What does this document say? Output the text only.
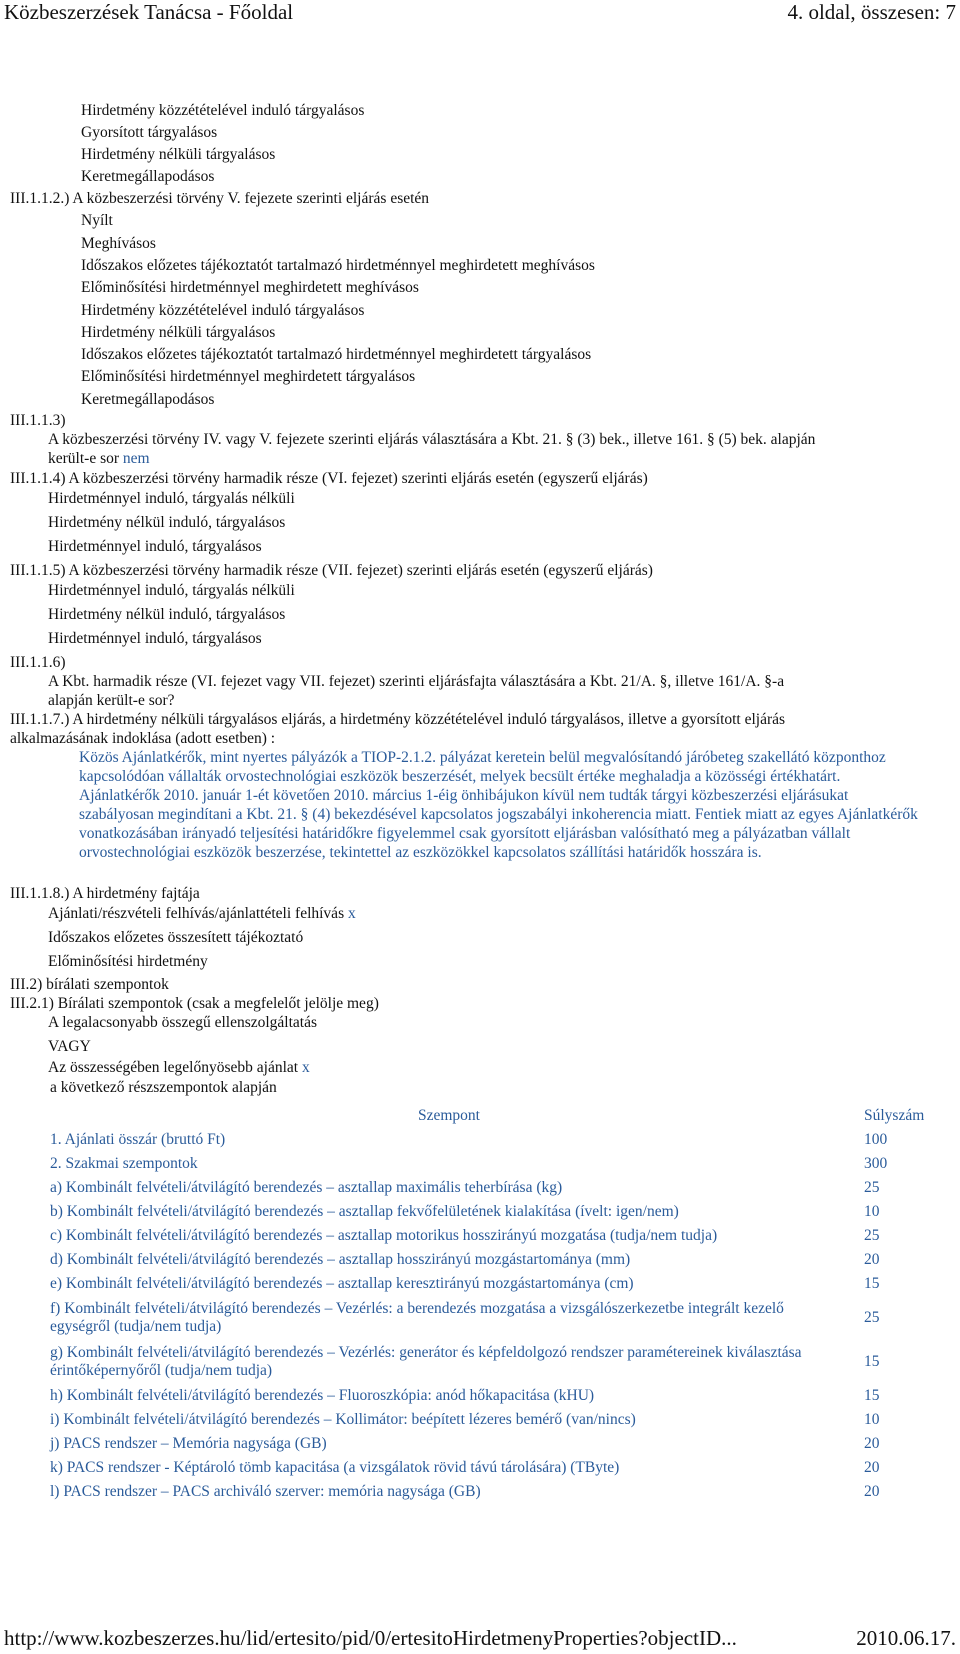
Közbeszerzések Tanácsa - Főoldal	4. oldal, összesen: 7
Hirdetmény közzétételével induló tárgyalásos
Gyorsított tárgyalásos
Hirdetmény nélküli tárgyalásos
Keretmegállapodásos
III.1.1.2.) A közbeszerzési törvény V. fejezete szerinti eljárás esetén
Nyílt
Meghívásos
Időszakos előzetes tájékoztatót tartalmazó hirdetménnyel meghirdetett meghívásos
Előminősítési hirdetménnyel meghirdetett meghívásos
Hirdetmény közzétételével induló tárgyalásos
Hirdetmény nélküli tárgyalásos
Időszakos előzetes tájékoztatót tartalmazó hirdetménnyel meghirdetett tárgyalásos
Előminősítési hirdetménnyel meghirdetett tárgyalásos
Keretmegállapodásos
III.1.1.3)
A közbeszerzési törvény IV. vagy V. fejezete szerinti eljárás választására a Kbt. 21. § (3) bek., illetve 161. § (5) bek. alapján
került-e sor nem
III.1.1.4) A közbeszerzési törvény harmadik része (VI. fejezet) szerinti eljárás esetén (egyszerű eljárás)
Hirdetménnyel induló, tárgyalás nélküli
Hirdetmény nélkül induló, tárgyalásos
Hirdetménnyel induló, tárgyalásos
III.1.1.5) A közbeszerzési törvény harmadik része (VII. fejezet) szerinti eljárás esetén (egyszerű eljárás)
Hirdetménnyel induló, tárgyalás nélküli
Hirdetmény nélkül induló, tárgyalásos
Hirdetménnyel induló, tárgyalásos
III.1.1.6)
A Kbt. harmadik része (VI. fejezet vagy VII. fejezet) szerinti eljárásfajta választására a Kbt. 21/A. §, illetve 161/A. §-a
alapján került-e sor?
III.1.1.7.) A hirdetmény nélküli tárgyalásos eljárás, a hirdetmény közzétételével induló tárgyalásos, illetve a gyorsított eljárás
alkalmazásának indoklása (adott esetben) :
Közös Ajánlatkérők, mint nyertes pályázók a TIOP-2.1.2. pályázat keretein belül megvalósítandó járóbeteg szakellátó központhoz kapcsolódóan vállalták orvostechnológiai eszközök beszerzését, melyek becsült értéke meghaladja a közösségi értékhatárt. Ajánlatkérők 2010. január 1-ét követően 2010. március 1-éig önhibájukon kívül nem tudták tárgyi közbeszerzési eljárásukat szabályosan megindítani a Kbt. 21. § (4) bekezdésével kapcsolatos jogszabályi inkoherencia miatt. Fentiek miatt az egyes Ajánlatkérők vonatkozásában irányadó teljesítési határidőkre figyelemmel csak gyorsított eljárásban valósítható meg a pályázatban vállalt orvostechnológiai eszközök beszerzése, tekintettel az eszközökkel kapcsolatos szállítási határidők hosszára is.
III.1.1.8.) A hirdetmény fajtája
Ajánlati/részvételi felhívás/ajánlattételi felhívás x
Időszakos előzetes összesített tájékoztató
Előminősítési hirdetmény
III.2) bírálati szempontok
III.2.1) Bírálati szempontok (csak a megfelelőt jelölje meg)
A legalacsonyabb összegű ellenszolgáltatás
VAGY
Az összességében legelőnyösebb ajánlat x
a következő részszempontok alapján
Szempont	Súlyszám
1. Ajánlati összár (bruttó Ft)	100
2. Szakmai szempontok	300
a) Kombinált felvételi/átvilágító berendezés – asztallap maximális teherbírása (kg)	25
b) Kombinált felvételi/átvilágító berendezés – asztallap fekvőfelületének kialakítása (ívelt: igen/nem)	10
c) Kombinált felvételi/átvilágító berendezés – asztallap motorikus hosszirányú mozgatása (tudja/nem tudja)	25
d) Kombinált felvételi/átvilágító berendezés – asztallap hosszirányú mozgástartománya (mm)	20
e) Kombinált felvételi/átvilágító berendezés – asztallap keresztirányú mozgástartománya (cm)	15
f) Kombinált felvételi/átvilágító berendezés – Vezérlés: a berendezés mozgatása a vizsgálószerkezetbe integrált kezelő egységről (tudja/nem tudja)	25
g) Kombinált felvételi/átvilágító berendezés – Vezérlés: generátor és képfeldolgozó rendszer paramétereinek kiválasztása érintőképernyőről (tudja/nem tudja)	15
h) Kombinált felvételi/átvilágító berendezés – Fluoroszkópia: anód hőkapacitása (kHU)	15
i) Kombinált felvételi/átvilágító berendezés – Kollimátor: beépített lézeres bemérő (van/nincs)	10
j) PACS rendszer – Memória nagysága (GB)	20
k) PACS rendszer - Képtároló tömb kapacitása (a vizsgálatok rövid távú tárolására) (TByte)	20
l) PACS rendszer – PACS archiváló szerver: memória nagysága (GB)	20
http://www.kozbeszerzes.hu/lid/ertesito/pid/0/ertesitoHirdetmenyProperties?objectID...	2010.06.17.
